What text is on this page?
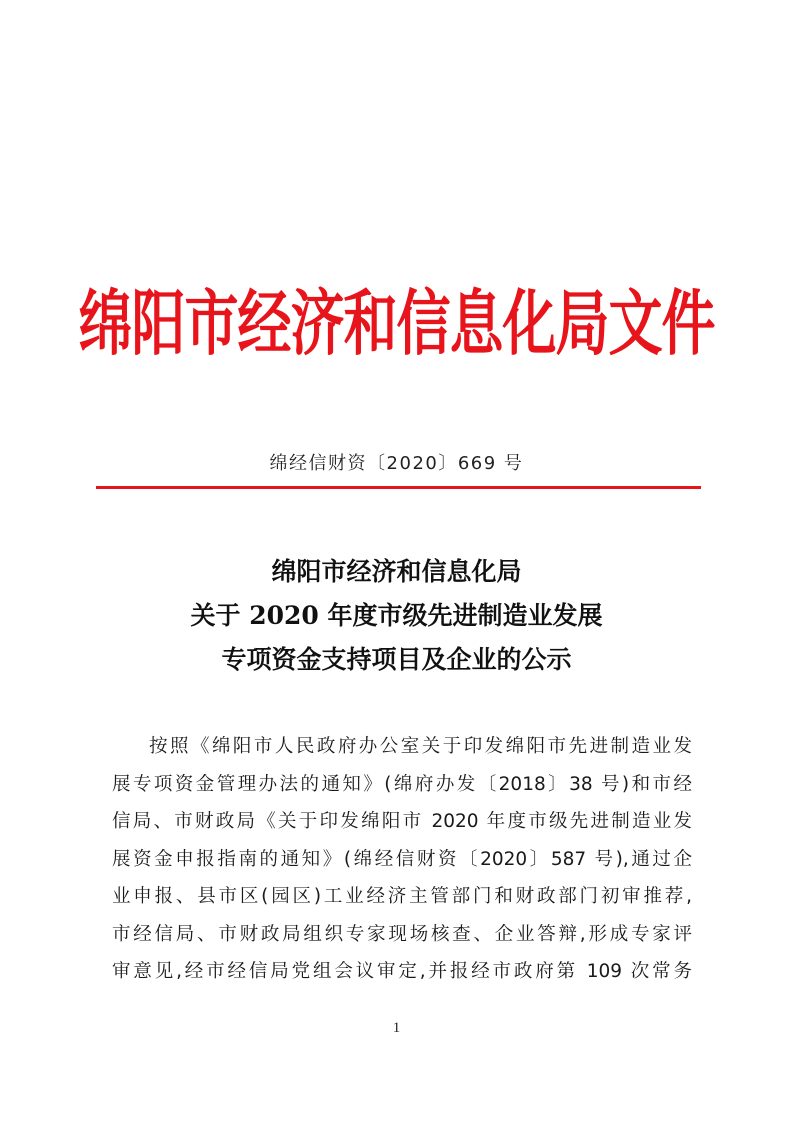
绵阳市经济和信息化局文件
绵经信财资〔2020〕669 号
绵阳市经济和信息化局
关于 2020 年度市级先进制造业发展
专项资金支持项目及企业的公示
按照《绵阳市人民政府办公室关于印发绵阳市先进制造业发
展专项资金管理办法的通知》(绵府办发〔2018〕38 号)和市经
信局、市财政局《关于印发绵阳市 2020 年度市级先进制造业发
展资金申报指南的通知》(绵经信财资〔2020〕587 号),通过企
业申报、县市区(园区)工业经济主管部门和财政部门初审推荐,
市经信局、市财政局组织专家现场核查、企业答辩,形成专家评
审意见,经市经信局党组会议审定,并报经市政府第 109 次常务
1
